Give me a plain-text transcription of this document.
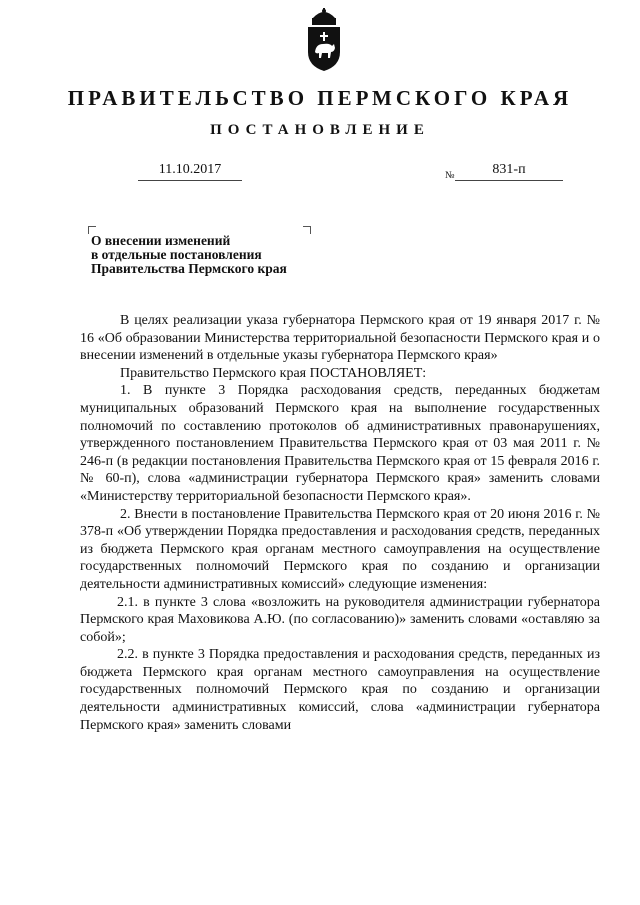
ПРАВИТЕЛЬСТВО ПЕРМСКОГО КРАЯ
ПОСТАНОВЛЕНИЕ
11.10.2017	№	831-п
О внесении изменений
в отдельные постановления
Правительства Пермского края

В целях реализации указа губернатора Пермского края от 19 января 2017 г. № 16 «Об образовании Министерства территориальной безопасности Пермского края и о внесении изменений в отдельные указы губернатора Пермского края»

Правительство Пермского края ПОСТАНОВЛЯЕТ:

1. В пункте 3 Порядка расходования средств, переданных бюджетам муниципальных образований Пермского края на выполнение государственных полномочий по составлению протоколов об административных правонарушениях, утвержденного постановлением Правительства Пермского края от 03 мая 2011 г. № 246-п (в редакции постановления Правительства Пермского края от 15 февраля 2016 г. № 60-п), слова «администрации губернатора Пермского края» заменить словами «Министерству территориальной безопасности Пермского края».

2. Внести в постановление Правительства Пермского края от 20 июня 2016 г. № 378-п «Об утверждении Порядка предоставления и расходования средств, переданных из бюджета Пермского края органам местного самоуправления на осуществление государственных полномочий Пермского края по созданию и организации деятельности административных комиссий» следующие изменения:

2.1. в пункте 3 слова «возложить на руководителя администрации губернатора Пермского края Маховикова А.Ю. (по согласованию)» заменить словами «оставляю за собой»;

2.2. в пункте 3 Порядка предоставления и расходования средств, переданных из бюджета Пермского края органам местного самоуправления на осуществление государственных полномочий Пермского края по созданию и организации деятельности административных комиссий, слова «администрации губернатора Пермского края» заменить словами
